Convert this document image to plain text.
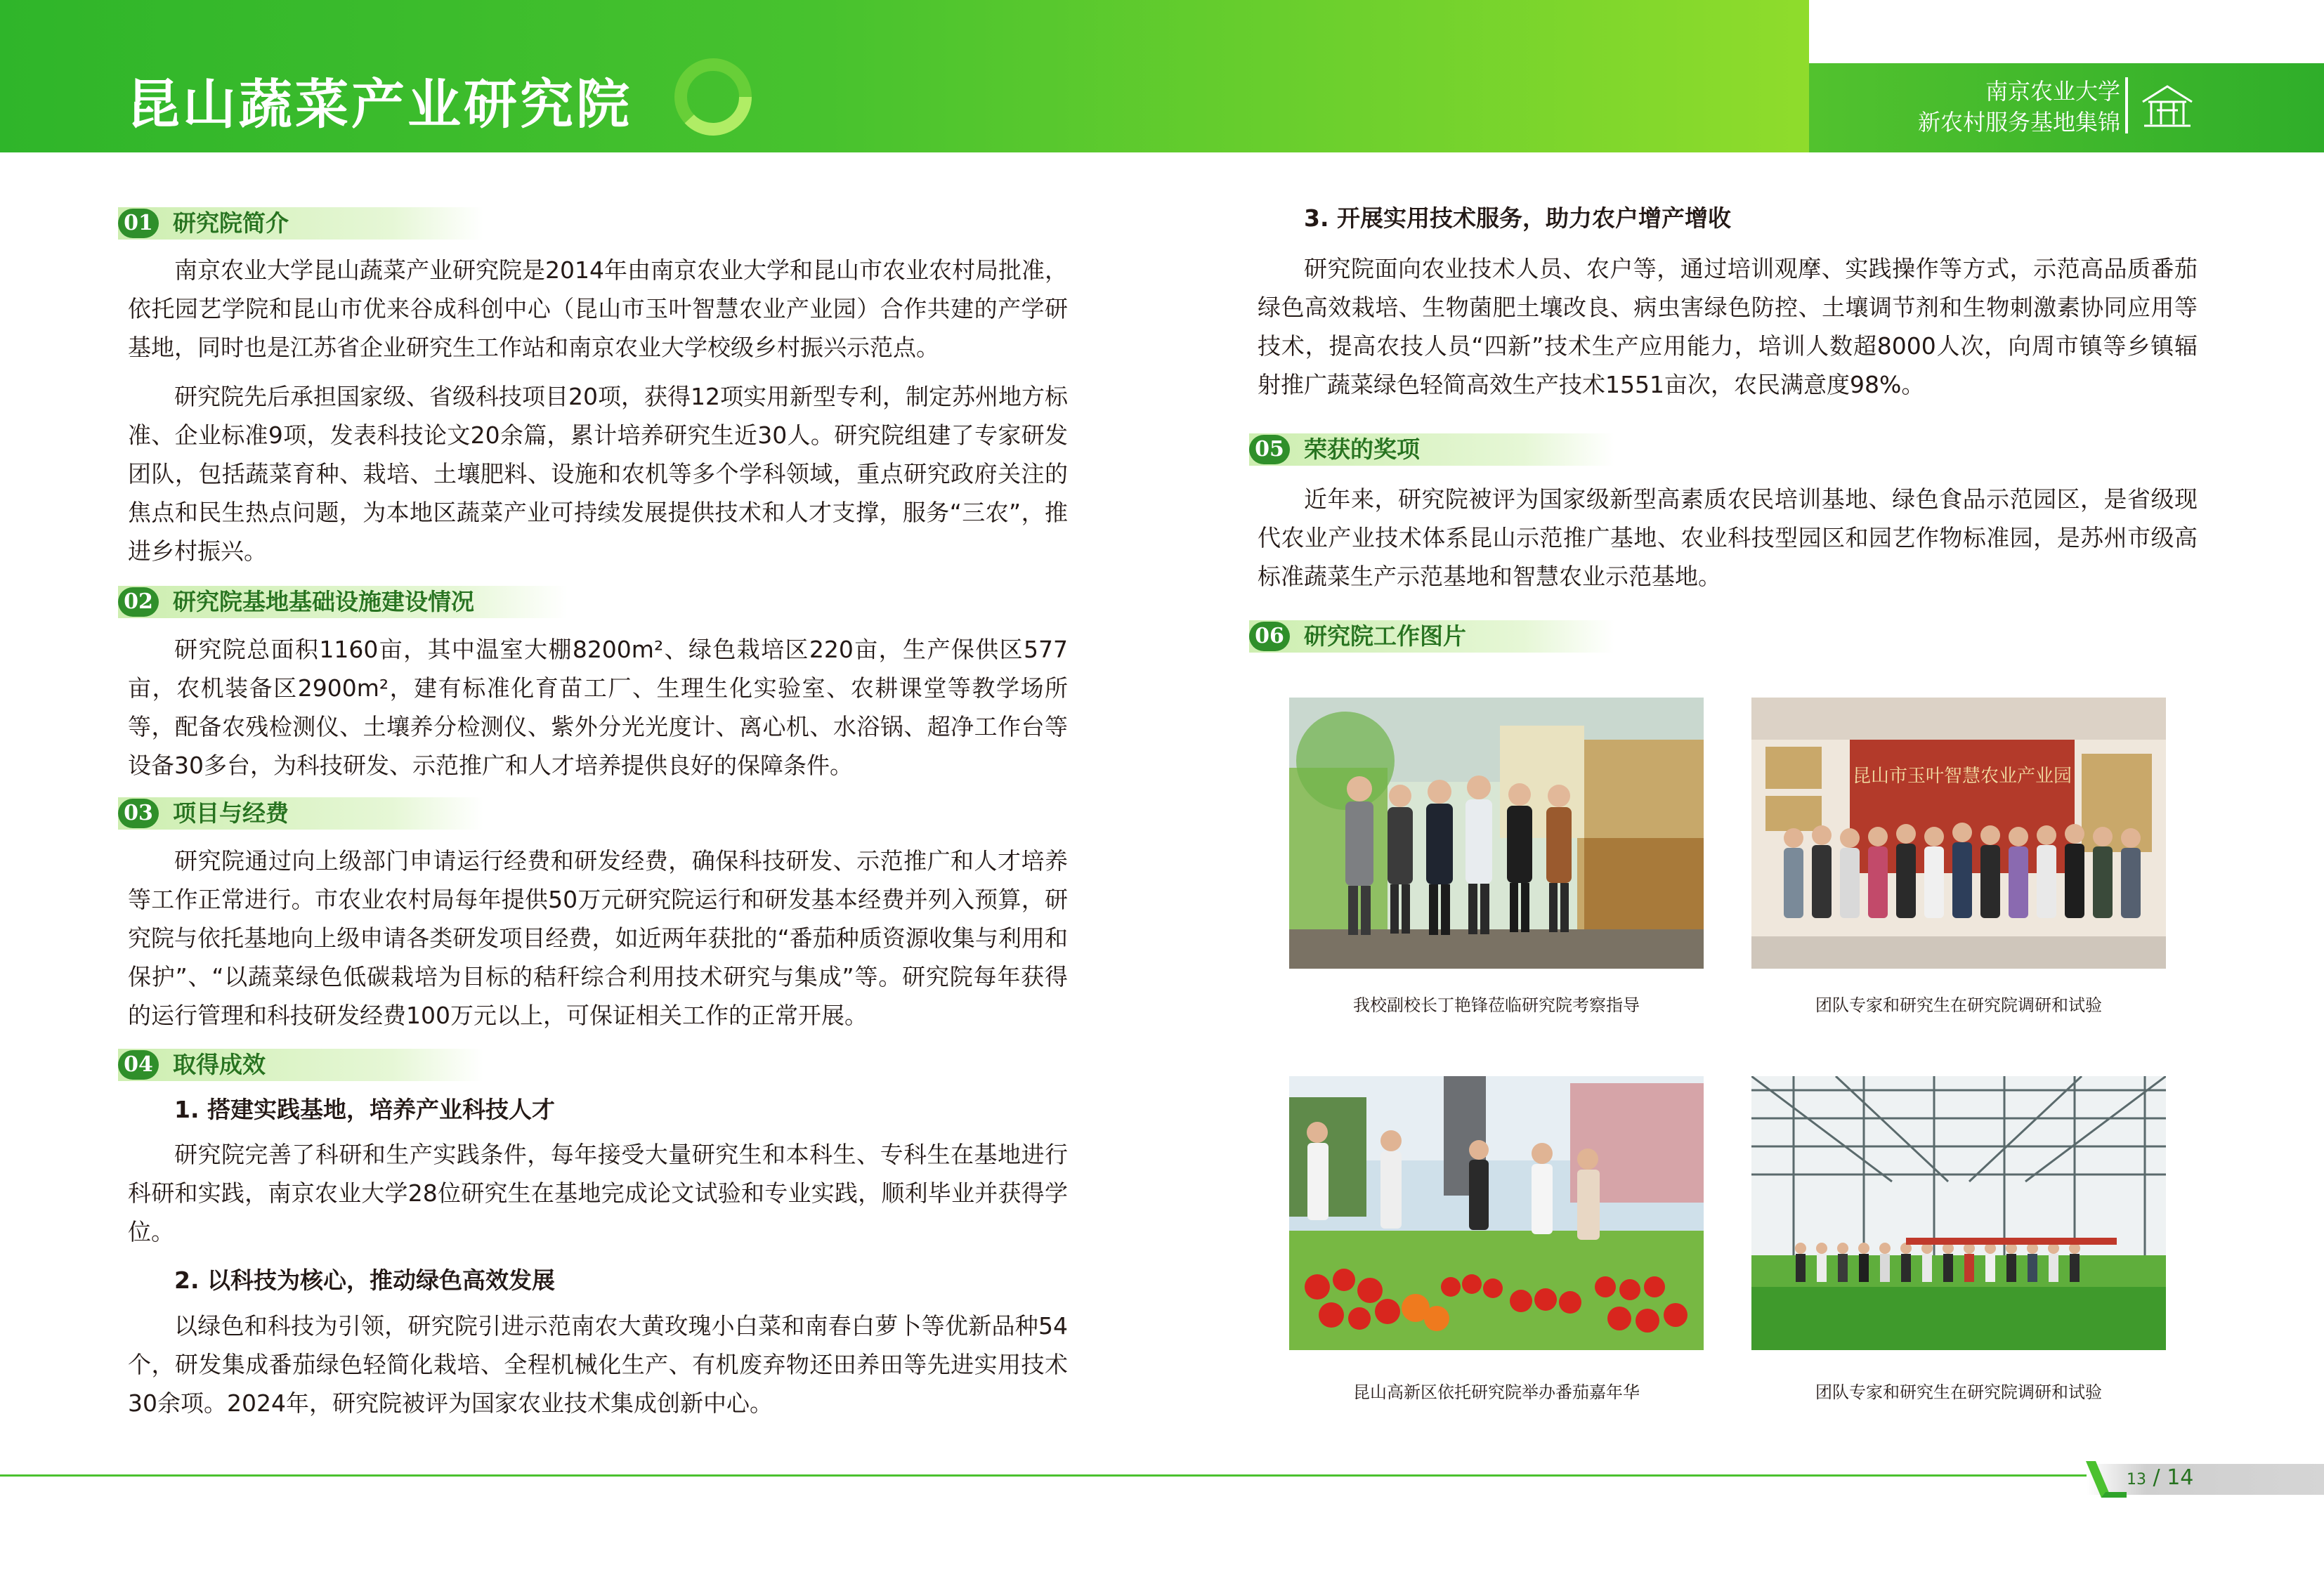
昆山蔬菜产业研究院	南京农业大学
新农村服务基地集锦
01 研究院简介

南京农业大学昆山蔬菜产业研究院是2014年由南京农业大学和昆山市农业农村局批准，依托园艺学院和昆山市优来谷成科创中心（昆山市玉叶智慧农业产业园）合作共建的产学研基地，同时也是江苏省企业研究生工作站和南京农业大学校级乡村振兴示范点。

研究院先后承担国家级、省级科技项目20项，获得12项实用新型专利，制定苏州地方标准、企业标准9项，发表科技论文20余篇，累计培养研究生近30人。研究院组建了专家研发团队，包括蔬菜育种、栽培、土壤肥料、设施和农机等多个学科领域，重点研究政府关注的焦点和民生热点问题，为本地区蔬菜产业可持续发展提供技术和人才支撑，服务“三农”，推进乡村振兴。

02 研究院基地基础设施建设情况

研究院总面积1160亩，其中温室大棚8200m²、绿色栽培区220亩，生产保供区577亩，农机装备区2900m²，建有标准化育苗工厂、生理生化实验室、农耕课堂等教学场所等，配备农残检测仪、土壤养分检测仪、紫外分光光度计、离心机、水浴锅、超净工作台等设备30多台，为科技研发、示范推广和人才培养提供良好的保障条件。

03 项目与经费

研究院通过向上级部门申请运行经费和研发经费，确保科技研发、示范推广和人才培养等工作正常进行。市农业农村局每年提供50万元研究院运行和研发基本经费并列入预算，研究院与依托基地向上级申请各类研发项目经费，如近两年获批的“番茄种质资源收集与利用和保护”、“以蔬菜绿色低碳栽培为目标的秸秆综合利用技术研究与集成”等。研究院每年获得的运行管理和科技研发经费100万元以上，可保证相关工作的正常开展。

04 取得成效
1. 搭建实践基地，培养产业科技人才

研究院完善了科研和生产实践条件，每年接受大量研究生和本科生、专科生在基地进行科研和实践，南京农业大学28位研究生在基地完成论文试验和专业实践，顺利毕业并获得学位。

2. 以科技为核心，推动绿色高效发展

以绿色和科技为引领，研究院引进示范南农大黄玫瑰小白菜和南春白萝卜等优新品种54个，研发集成番茄绿色轻简化栽培、全程机械化生产、有机废弃物还田养田等先进实用技术30余项。2024年，研究院被评为国家农业技术集成创新中心。

3. 开展实用技术服务，助力农户增产增收

研究院面向农业技术人员、农户等，通过培训观摩、实践操作等方式，示范高品质番茄绿色高效栽培、生物菌肥土壤改良、病虫害绿色防控、土壤调节剂和生物刺激素协同应用等技术，提高农技人员“四新”技术生产应用能力，培训人数超8000人次，向周市镇等乡镇辐射推广蔬菜绿色轻简高效生产技术1551亩次，农民满意度98%。

05 荣获的奖项

近年来，研究院被评为国家级新型高素质农民培训基地、绿色食品示范园区，是省级现代农业产业技术体系昆山示范推广基地、农业科技型园区和园艺作物标准园，是苏州市级高标准蔬菜生产示范基地和智慧农业示范基地。

06 研究院工作图片
我校副校长丁艳锋莅临研究院考察指导
昆山市玉叶智慧农业产业园
团队专家和研究生在研究院调研和试验
昆山高新区依托研究院举办番茄嘉年华	团队专家和研究生在研究院调研和试验
13 / 14
